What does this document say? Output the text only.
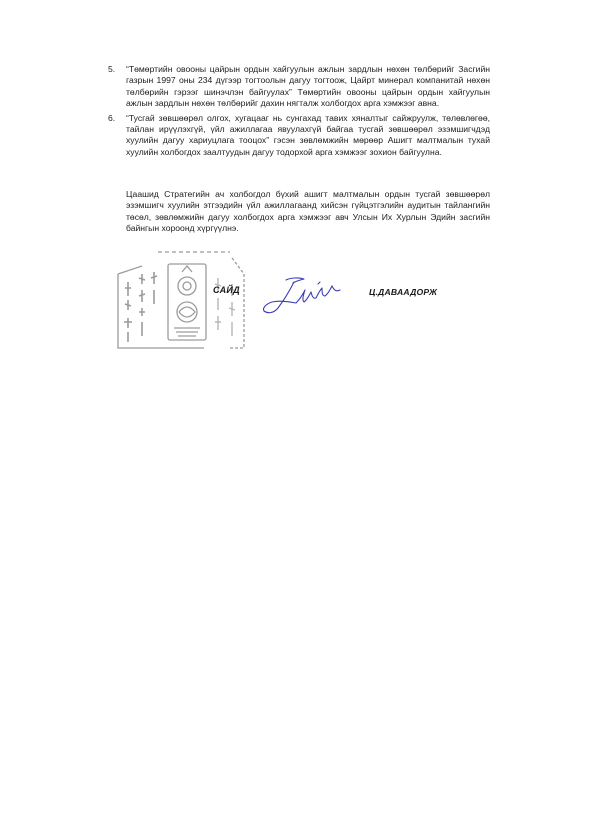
5. “Төмөртийн овооны цайрын ордын хайгуулын ажлын зардлын нөхөн төлбөрийг Засгийн газрын 1997 оны 234 дүгээр тогтоолын дагуу тогтоож, Цайрт минерал компанитай нөхөн төлбөрийн гэрээг шинэчлэн байгуулах” Төмөртийн овооны цайрын ордын хайгуулын ажлын зардлын нөхөн төлбөрийг дахин нягталж холбогдох арга хэмжээг авна.
6. “Тусгай зөвшөөрөл олгох, хугацааг нь сунгахад тавих хяналтыг сайжруулж, төлөвлөгөө, тайлан ирүүлэхгүй, үйл ажиллагаа явуулахгүй байгаа тусгай зөвшөөрөл эзэмшигчдэд хуулийн дагуу хариуцлага тооцох” гэсэн зөвлөмжийн мөрөөр Ашигт малтмалын тухай хуулийн холбогдох заалтуудын дагуу тодорхой арга хэмжээг зохион байгуулна.

Цаашид Стратегийн ач холбогдол бүхий ашигт малтмалын ордын тусгай зөвшөөрөл эзэмшигч хуулийн этгээдийн үйл ажиллагаанд хийсэн гүйцэтгэлийн аудитын тайлангийн төсөл, зөвлөмжийн дагуу холбогдох арга хэмжээг авч Улсын Их Хурлын Эдийн засгийн байнгын хороонд хүргүүлнэ.

САЙД	Ц.ДАВААДОРЖ
